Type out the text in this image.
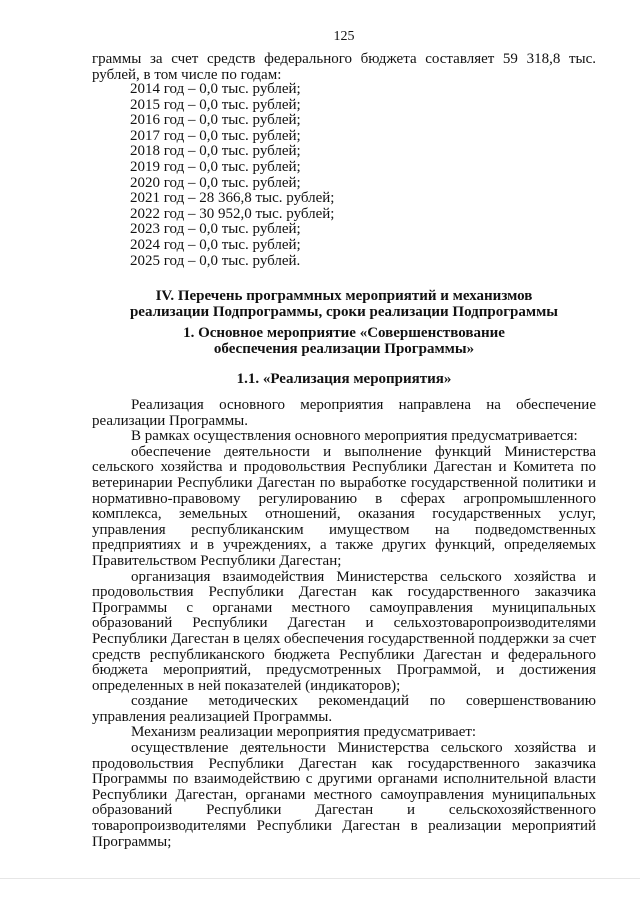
125
граммы за счет средств федерального бюджета составляет 59 318,8 тыс. рублей, в том числе по годам:
2014 год – 0,0 тыс. рублей;
2015 год – 0,0 тыс. рублей;
2016 год – 0,0 тыс. рублей;
2017 год – 0,0 тыс. рублей;
2018 год – 0,0 тыс. рублей;
2019 год – 0,0 тыс. рублей;
2020 год – 0,0 тыс. рублей;
2021 год – 28 366,8 тыс. рублей;
2022 год – 30 952,0 тыс. рублей;
2023 год – 0,0 тыс. рублей;
2024 год – 0,0 тыс. рублей;
2025 год – 0,0 тыс. рублей.
IV. Перечень программных мероприятий и механизмов
реализации Подпрограммы, сроки реализации Подпрограммы
1. Основное мероприятие «Совершенствование
обеспечения реализации Программы»
1.1. «Реализация мероприятия»

Реализация основного мероприятия направлена на обеспечение реализации Программы.

В рамках осуществления основного мероприятия предусматривается:

обеспечение деятельности и выполнение функций Министерства сельского хозяйства и продовольствия Республики Дагестан и Комитета по ветеринарии Республики Дагестан по выработке государственной политики и нормативно-правовому регулированию в сферах агропромышленного комплекса, земельных отношений, оказания государственных услуг, управления республиканским имуществом на подведомственных предприятиях и в учреждениях, а также других функций, определяемых Правительством Республики Дагестан;

организация взаимодействия Министерства сельского хозяйства и продовольствия Республики Дагестан как государственного заказчика Программы с органами местного самоуправления муниципальных образований Республики Дагестан и сельхозтоваропроизводителями Республики Дагестан в целях обеспечения государственной поддержки за счет средств республиканского бюджета Республики Дагестан и федерального бюджета мероприятий, предусмотренных Программой, и достижения определенных в ней показателей (индикаторов);

создание методических рекомендаций по совершенствованию управления реализацией Программы.

Механизм реализации мероприятия предусматривает:

осуществление деятельности Министерства сельского хозяйства и продовольствия Республики Дагестан как государственного заказчика Программы по взаимодействию с другими органами исполнительной власти Республики Дагестан, органами местного самоуправления муниципальных образований Республики Дагестан и сельскохозяйственного товаропроизводителями Республики Дагестан в реализации мероприятий Программы;
